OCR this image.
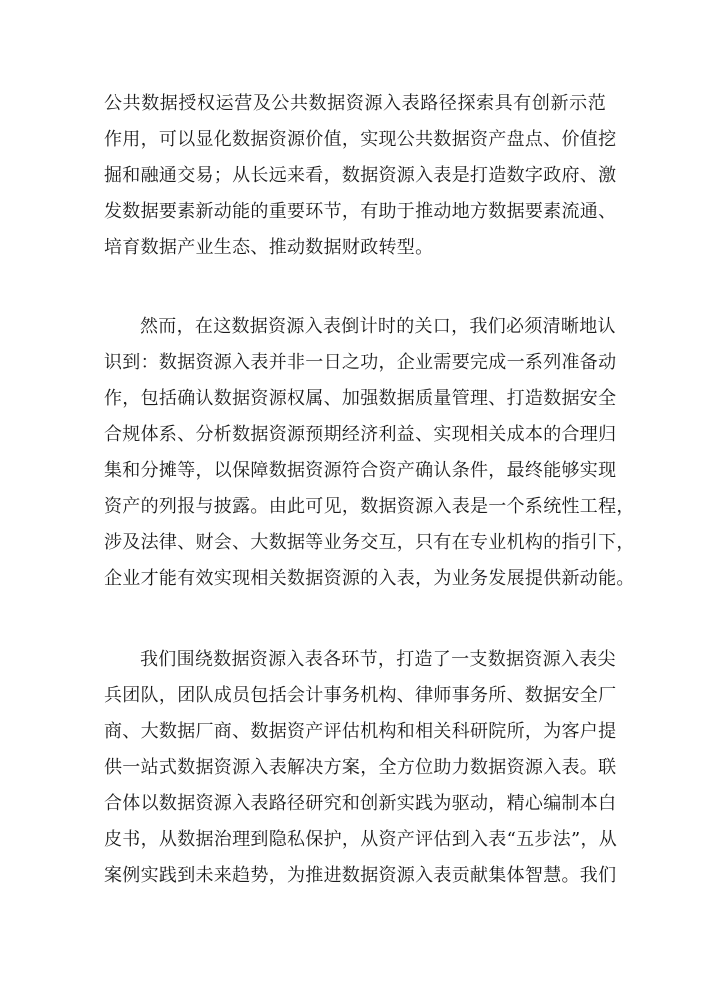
公共数据授权运营及公共数据资源入表路径探索具有创新示范
作用，可以显化数据资源价值，实现公共数据资产盘点、价值挖
掘和融通交易；从长远来看，数据资源入表是打造数字政府、激
发数据要素新动能的重要环节，有助于推动地方数据要素流通、
培育数据产业生态、推动数据财政转型。
然而，在这数据资源入表倒计时的关口，我们必须清晰地认
识到：数据资源入表并非一日之功，企业需要完成一系列准备动
作，包括确认数据资源权属、加强数据质量管理、打造数据安全
合规体系、分析数据资源预期经济利益、实现相关成本的合理归
集和分摊等，以保障数据资源符合资产确认条件，最终能够实现
资产的列报与披露。由此可见，数据资源入表是一个系统性工程，
涉及法律、财会、大数据等业务交互，只有在专业机构的指引下，
企业才能有效实现相关数据资源的入表，为业务发展提供新动能。
我们围绕数据资源入表各环节，打造了一支数据资源入表尖
兵团队，团队成员包括会计事务机构、律师事务所、数据安全厂
商、大数据厂商、数据资产评估机构和相关科研院所，为客户提
供一站式数据资源入表解决方案，全方位助力数据资源入表。联
合体以数据资源入表路径研究和创新实践为驱动，精心编制本白
皮书，从数据治理到隐私保护，从资产评估到入表“五步法”，从
案例实践到未来趋势，为推进数据资源入表贡献集体智慧。我们
